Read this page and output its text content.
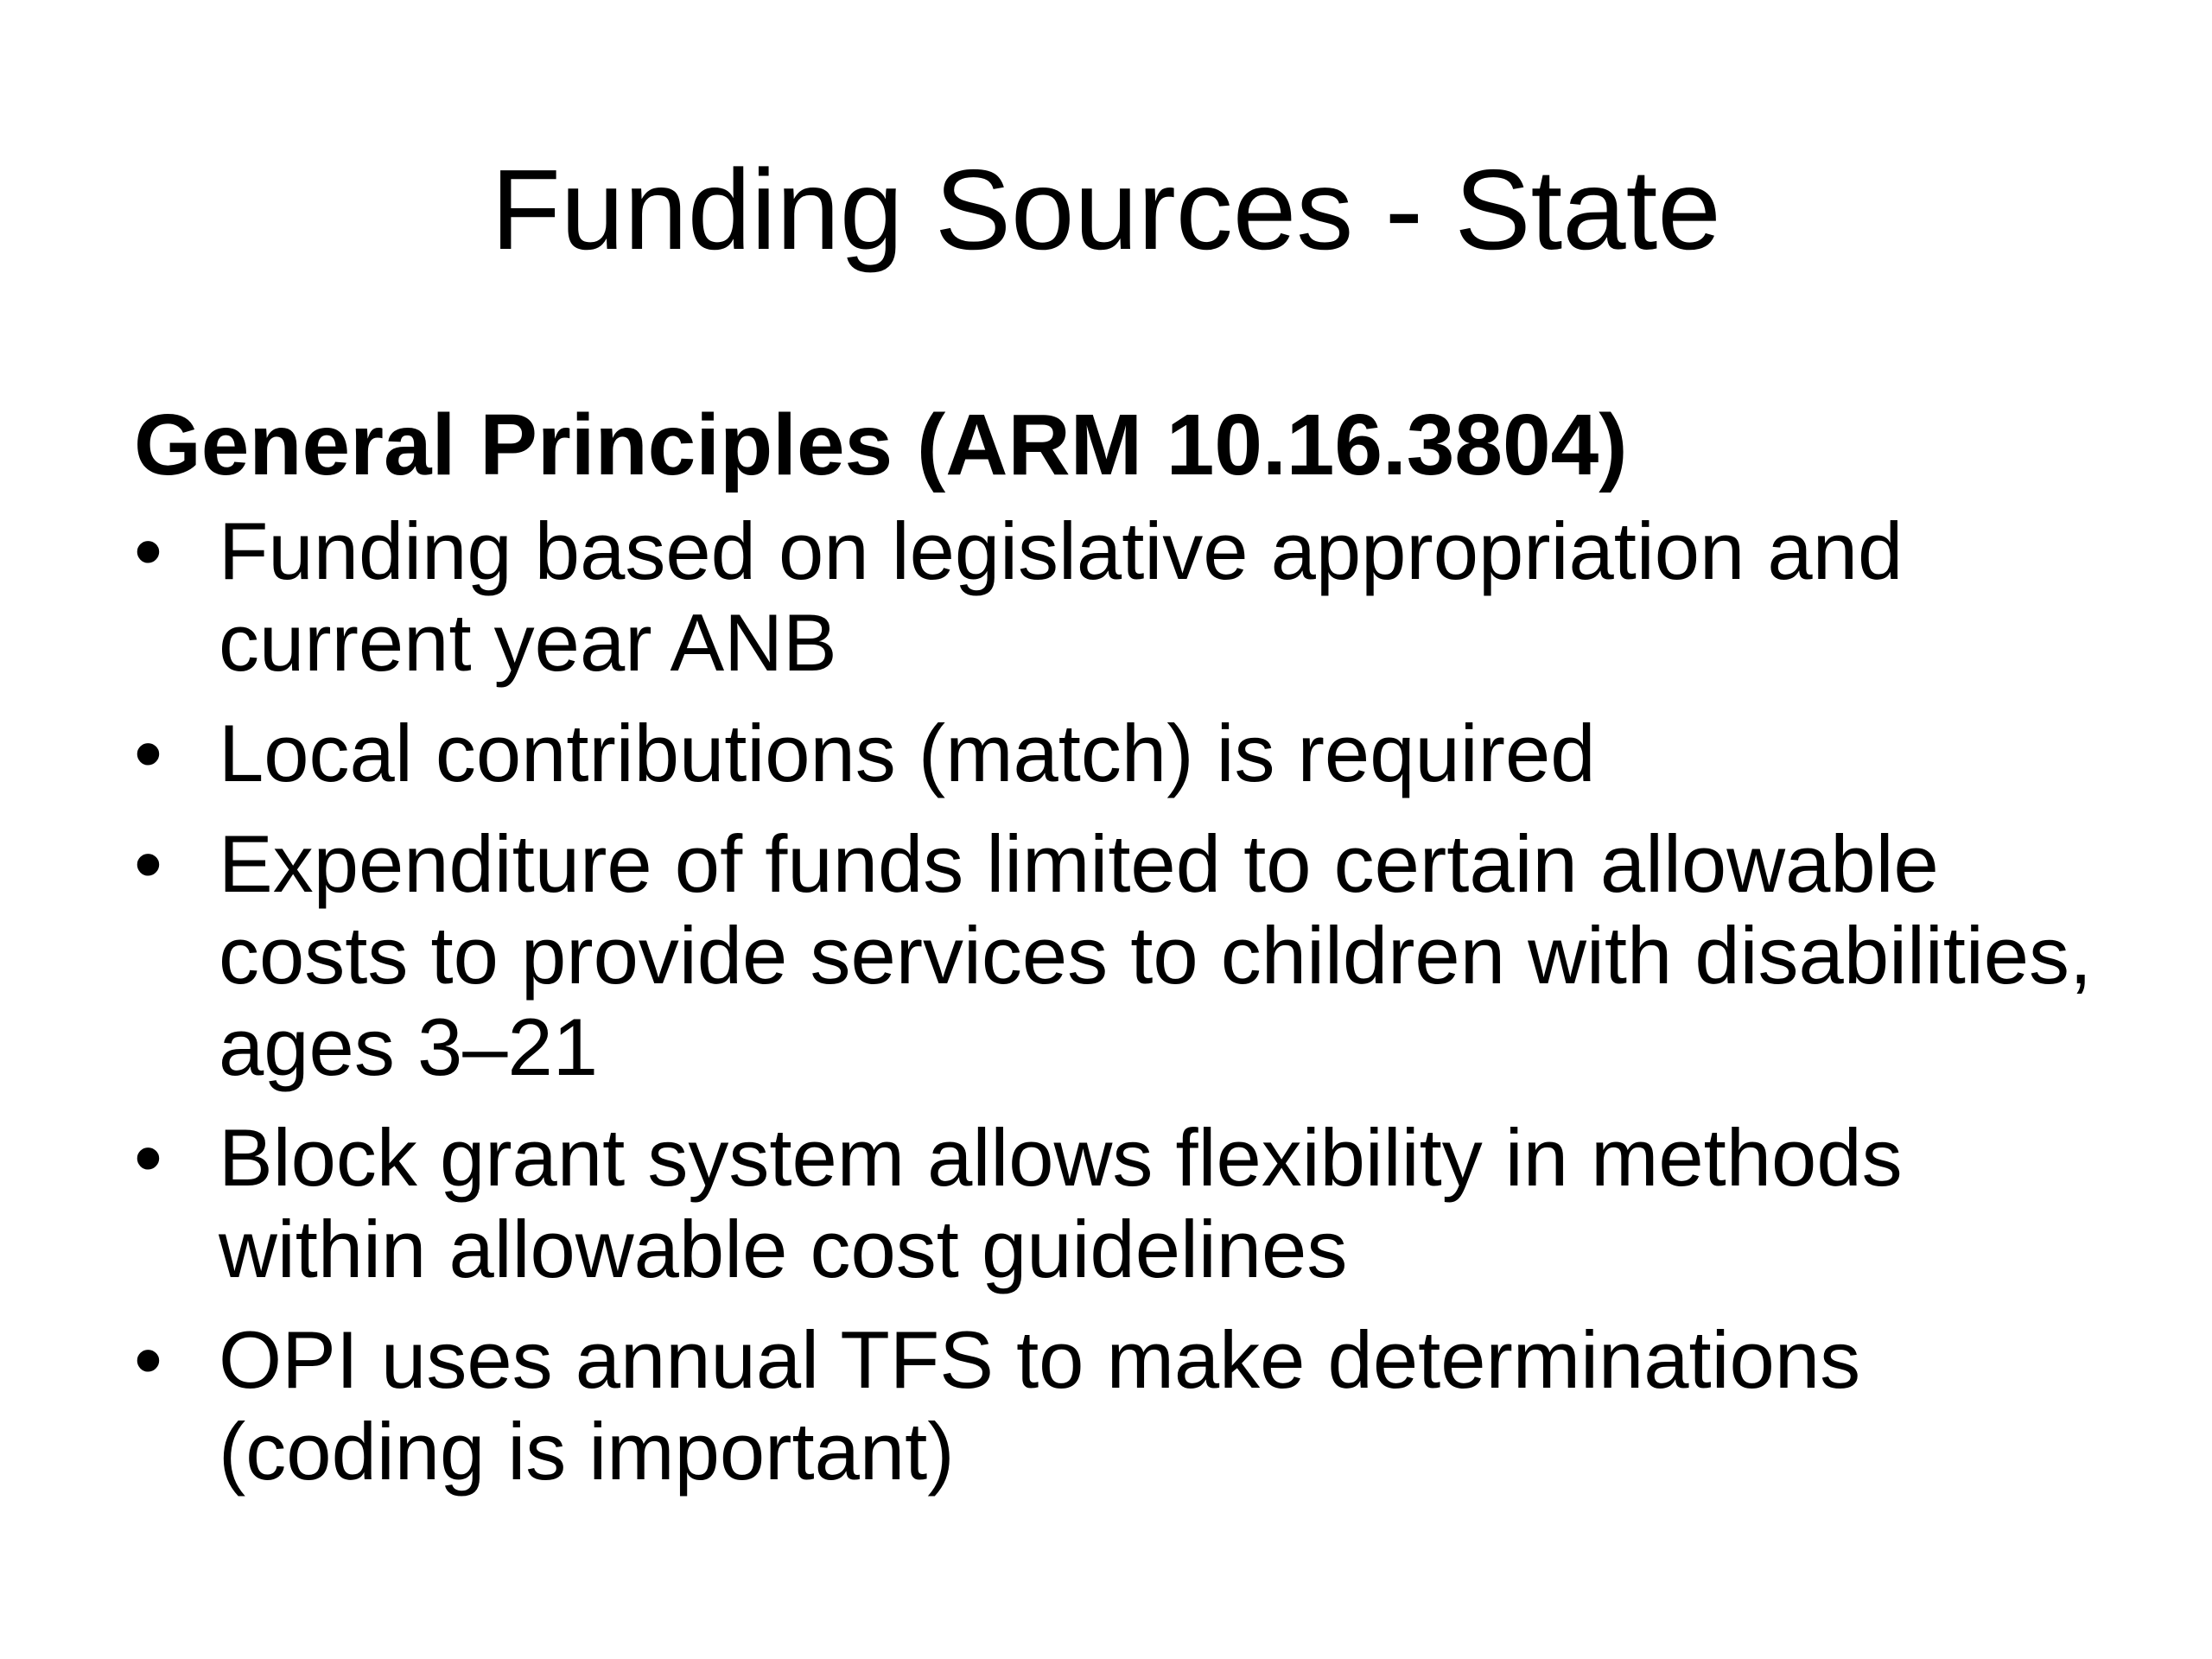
Funding Sources - State
General Principles (ARM 10.16.3804)
• Funding based on legislative appropriation and current year ANB
• Local contributions (match) is required
• Expenditure of funds limited to certain allowable costs to provide services to children with disabilities, ages 3–21
• Block grant system allows flexibility in methods within allowable cost guidelines
• OPI uses annual TFS to make determinations (coding is important)
